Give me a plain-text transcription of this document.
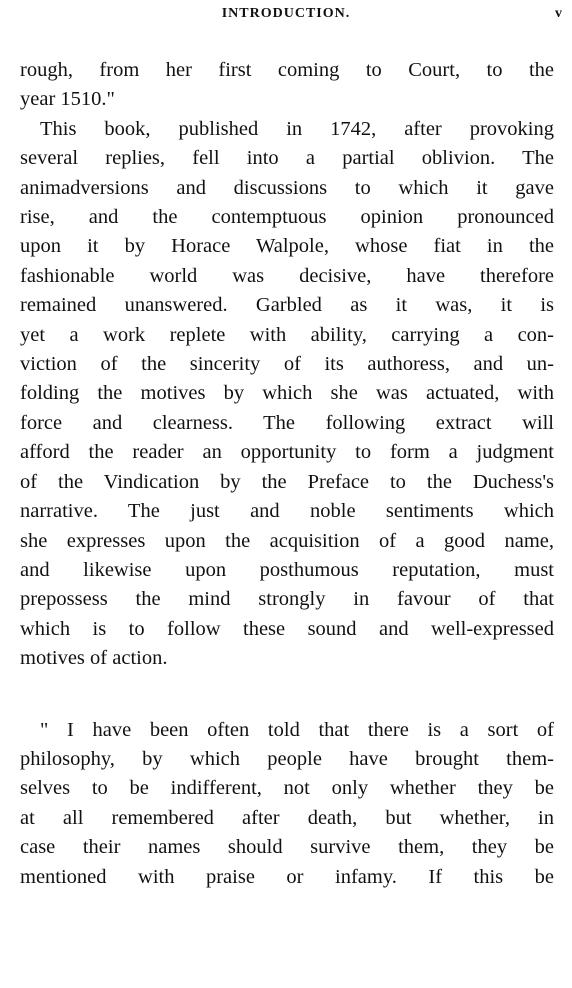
INTRODUCTION.	v
rough, from her first coming to Court, to the
year 1510."
This book, published in 1742, after provoking
several replies, fell into a partial oblivion. The
animadversions and discussions to which it gave
rise, and the contemptuous opinion pronounced
upon it by Horace Walpole, whose fiat in the
fashionable world was decisive, have therefore
remained unanswered. Garbled as it was, it is
yet a work replete with ability, carrying a con-
viction of the sincerity of its authoress, and un-
folding the motives by which she was actuated, with
force and clearness. The following extract will
afford the reader an opportunity to form a judgment
of the Vindication by the Preface to the Duchess's
narrative. The just and noble sentiments which
she expresses upon the acquisition of a good name,
and likewise upon posthumous reputation, must
prepossess the mind strongly in favour of that
which is to follow these sound and well-expressed
motives of action.
" I have been often told that there is a sort of
philosophy, by which people have brought them-
selves to be indifferent, not only whether they be
at all remembered after death, but whether, in
case their names should survive them, they be
mentioned with praise or infamy. If this be
